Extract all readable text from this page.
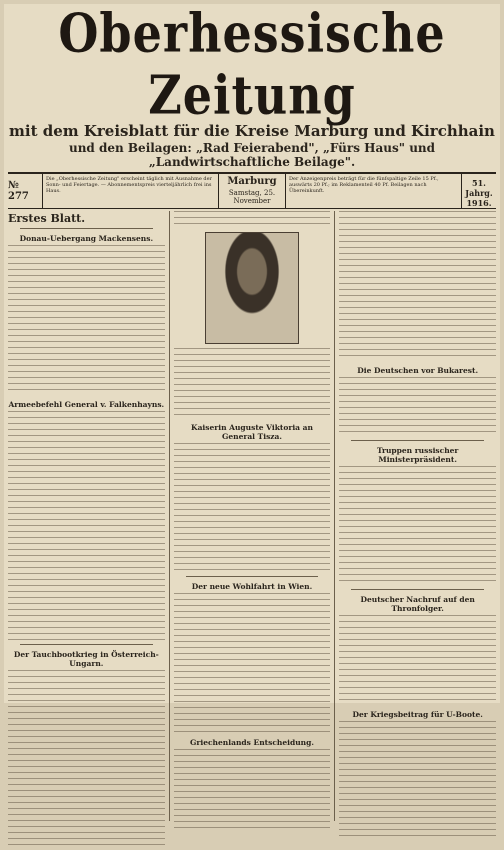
Oberhessische Zeitung
mit dem Kreisblatt für die Kreise Marburg und Kirchhain
und den Beilagen: „Rad Feierabend", „Fürs Haus" und „Landwirtschaftliche Beilage".
№ 277
Die „Oberhessische Zeitung" erscheint täglich mit Ausnahme der Sonn- und Feiertage. — Abonnementspreis vierteljährlich frei ins Haus.
Marburg
Samstag, 25. November
Der Anzeigenpreis beträgt für die fünfspaltige Zeile 15 Pf., auswärts 20 Pf.; im Reklamenteil 40 Pf. Beilagen nach Übereinkunft.
51. Jahrg.
1916.
Erstes Blatt.
Donau-Uebergang Mackensens.
Armeebefehl General v. Falkenhayns.
Der Tauchbootkrieg in Österreich-Ungarn.
Kaiserin Auguste Viktoria an General Tisza.
Der neue Wohlfahrt in Wien.
Griechenlands Entscheidung.
Die Deutschen vor Bukarest.
Truppen russischer Ministerpräsident.
Deutscher Nachruf auf den Thronfolger.
Der Kriegsbeitrag für U-Boote.
